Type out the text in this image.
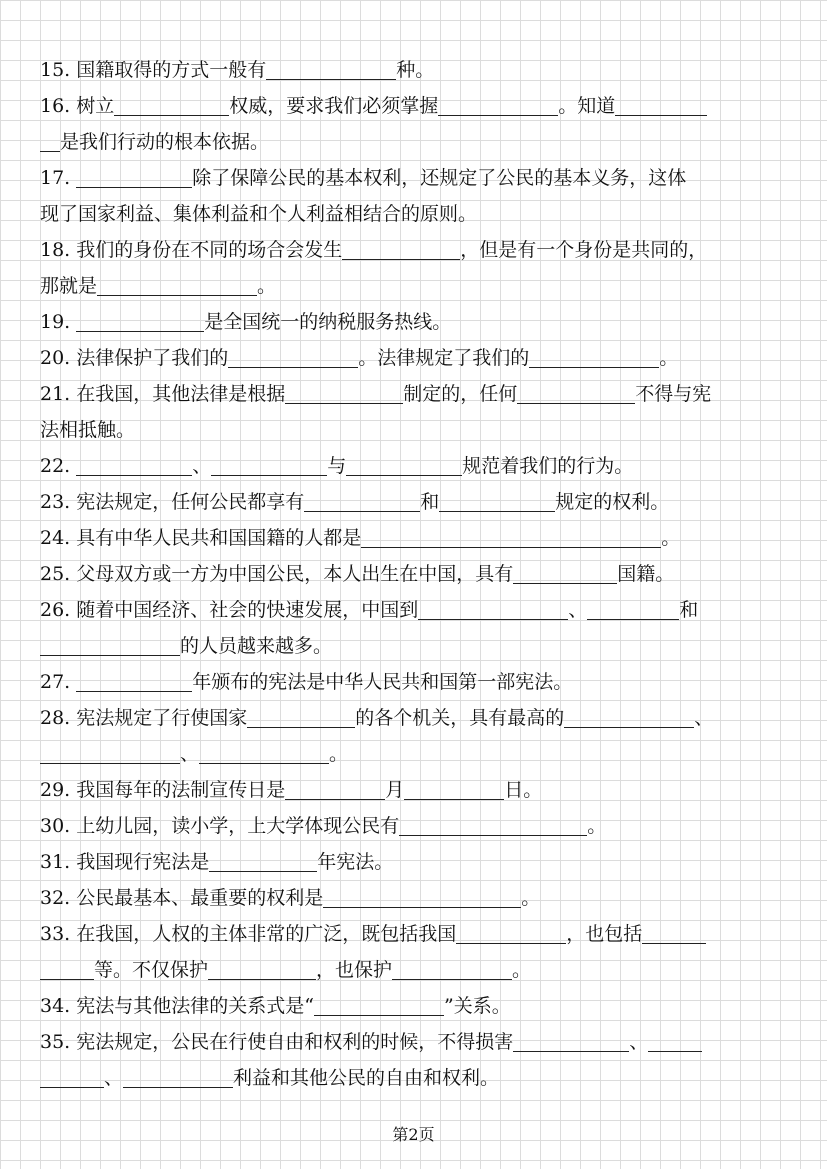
15. 国籍取得的方式一般有	种。
16. 树立	权威，要求我们必须掌握	。知道
是我们行动的根本依据。
17.	除了保障公民的基本权利，还规定了公民的基本义务，这体
现了国家利益、集体利益和个人利益相结合的原则。
18. 我们的身份在不同的场合会发生	，但是有一个身份是共同的，
那就是	。
19.	是全国统一的纳税服务热线。
20. 法律保护了我们的	。法律规定了我们的	。
21. 在我国，其他法律是根据	制定的，任何	不得与宪
法相抵触。
22.	、	与	规范着我们的行为。
23. 宪法规定，任何公民都享有	和	规定的权利。
24. 具有中华人民共和国国籍的人都是	。
25. 父母双方或一方为中国公民，本人出生在中国，具有	国籍。
26. 随着中国经济、社会的快速发展，中国到	、	和
的人员越来越多。
27.	年颁布的宪法是中华人民共和国第一部宪法。
28. 宪法规定了行使国家	的各个机关，具有最高的	、
、	。
29. 我国每年的法制宣传日是	月	日。
30. 上幼儿园，读小学，上大学体现公民有	。
31. 我国现行宪法是	年宪法。
32. 公民最基本、最重要的权利是	。
33. 在我国，人权的主体非常的广泛，既包括我国	，也包括
等。不仅保护	，也保护	。
34. 宪法与其他法律的关系式是“	”关系。
35. 宪法规定，公民在行使自由和权利的时候，不得损害	、
、	利益和其他公民的自由和权利。
第2页
